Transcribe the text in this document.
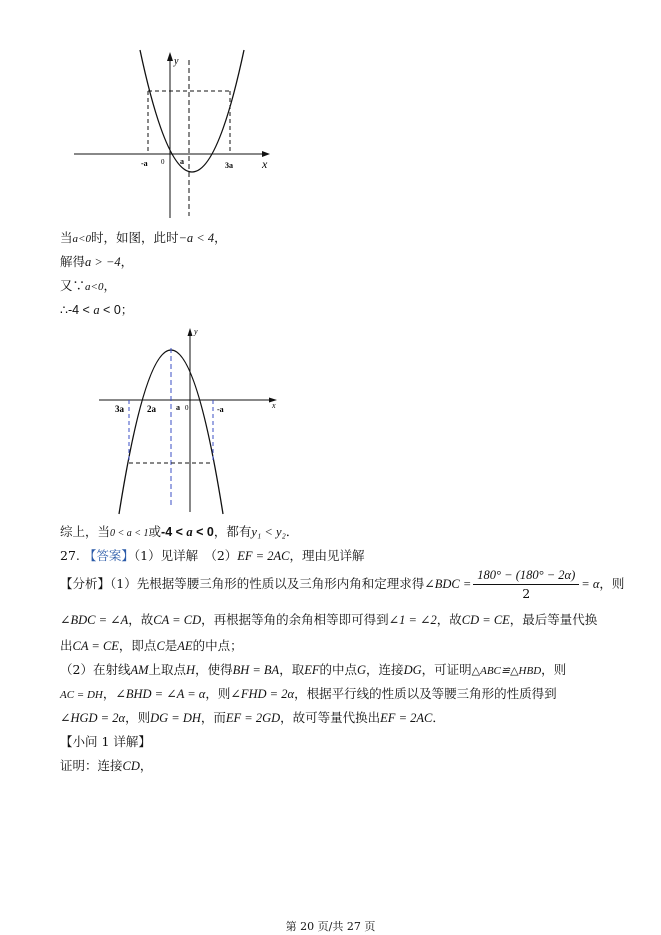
y
x
-a 0 a	3a
当a<0时，如图，此时−a < 4，
解得a > −4，
又∵a<0，
∴-4 < a < 0；
y
x
3a	2a	a 0	-a
综上，当0 < a < 1或-4 < a < 0，都有y₁ < y₂．
27. 【答案】（1）见详解　（2）EF = 2AC，理由见详解
【分析】（1）先根据等腰三角形的性质以及三角形内角和定理求得∠BDC = $\frac{180^\circ - (180^\circ - 2\alpha)}{2} = \alpha$，则
∠BDC = ∠A，故CA = CD，再根据等角的余角相等即可得到∠1 = ∠2，故CD = CE，最后等量代换
出CA = CE，即点C是AE的中点；
（2）在射线AM上取点H，使得BH = BA，取EF的中点G，连接DG，可证明△ABC≌△HBD，则
AC = DH，∠BHD = ∠A = α，则∠FHD = 2α，根据平行线的性质以及等腰三角形的性质得到
∠HGD = 2α，则DG = DH，而EF = 2GD，故可等量代换出EF = 2AC．
【小问 1 详解】
证明：连接CD，
第 20 页/共 27 页
